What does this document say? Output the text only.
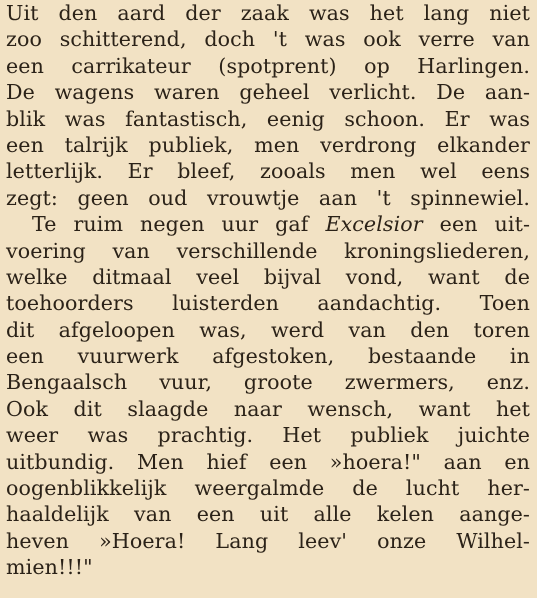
Uit den aard der zaak was het lang niet
zoo schitterend, doch 't was ook verre van
een carrikateur (spotprent) op Harlingen.
De wagens waren geheel verlicht. De aan-
blik was fantastisch, eenig schoon. Er was
een talrijk publiek, men verdrong elkander
letterlijk. Er bleef, zooals men wel eens
zegt: geen oud vrouwtje aan 't spinnewiel.
Te ruim negen uur gaf Excelsior een uit-
voering van verschillende kroningsliederen,
welke ditmaal veel bijval vond, want de
toehoorders luisterden aandachtig. Toen
dit afgeloopen was, werd van den toren
een vuurwerk afgestoken, bestaande in
Bengaalsch vuur, groote zwermers, enz.
Ook dit slaagde naar wensch, want het
weer was prachtig. Het publiek juichte
uitbundig. Men hief een »hoera!" aan en
oogenblikkelijk weergalmde de lucht her-
haaldelijk van een uit alle kelen aange-
heven »Hoera! Lang leev' onze Wilhel-
mien!!!"
